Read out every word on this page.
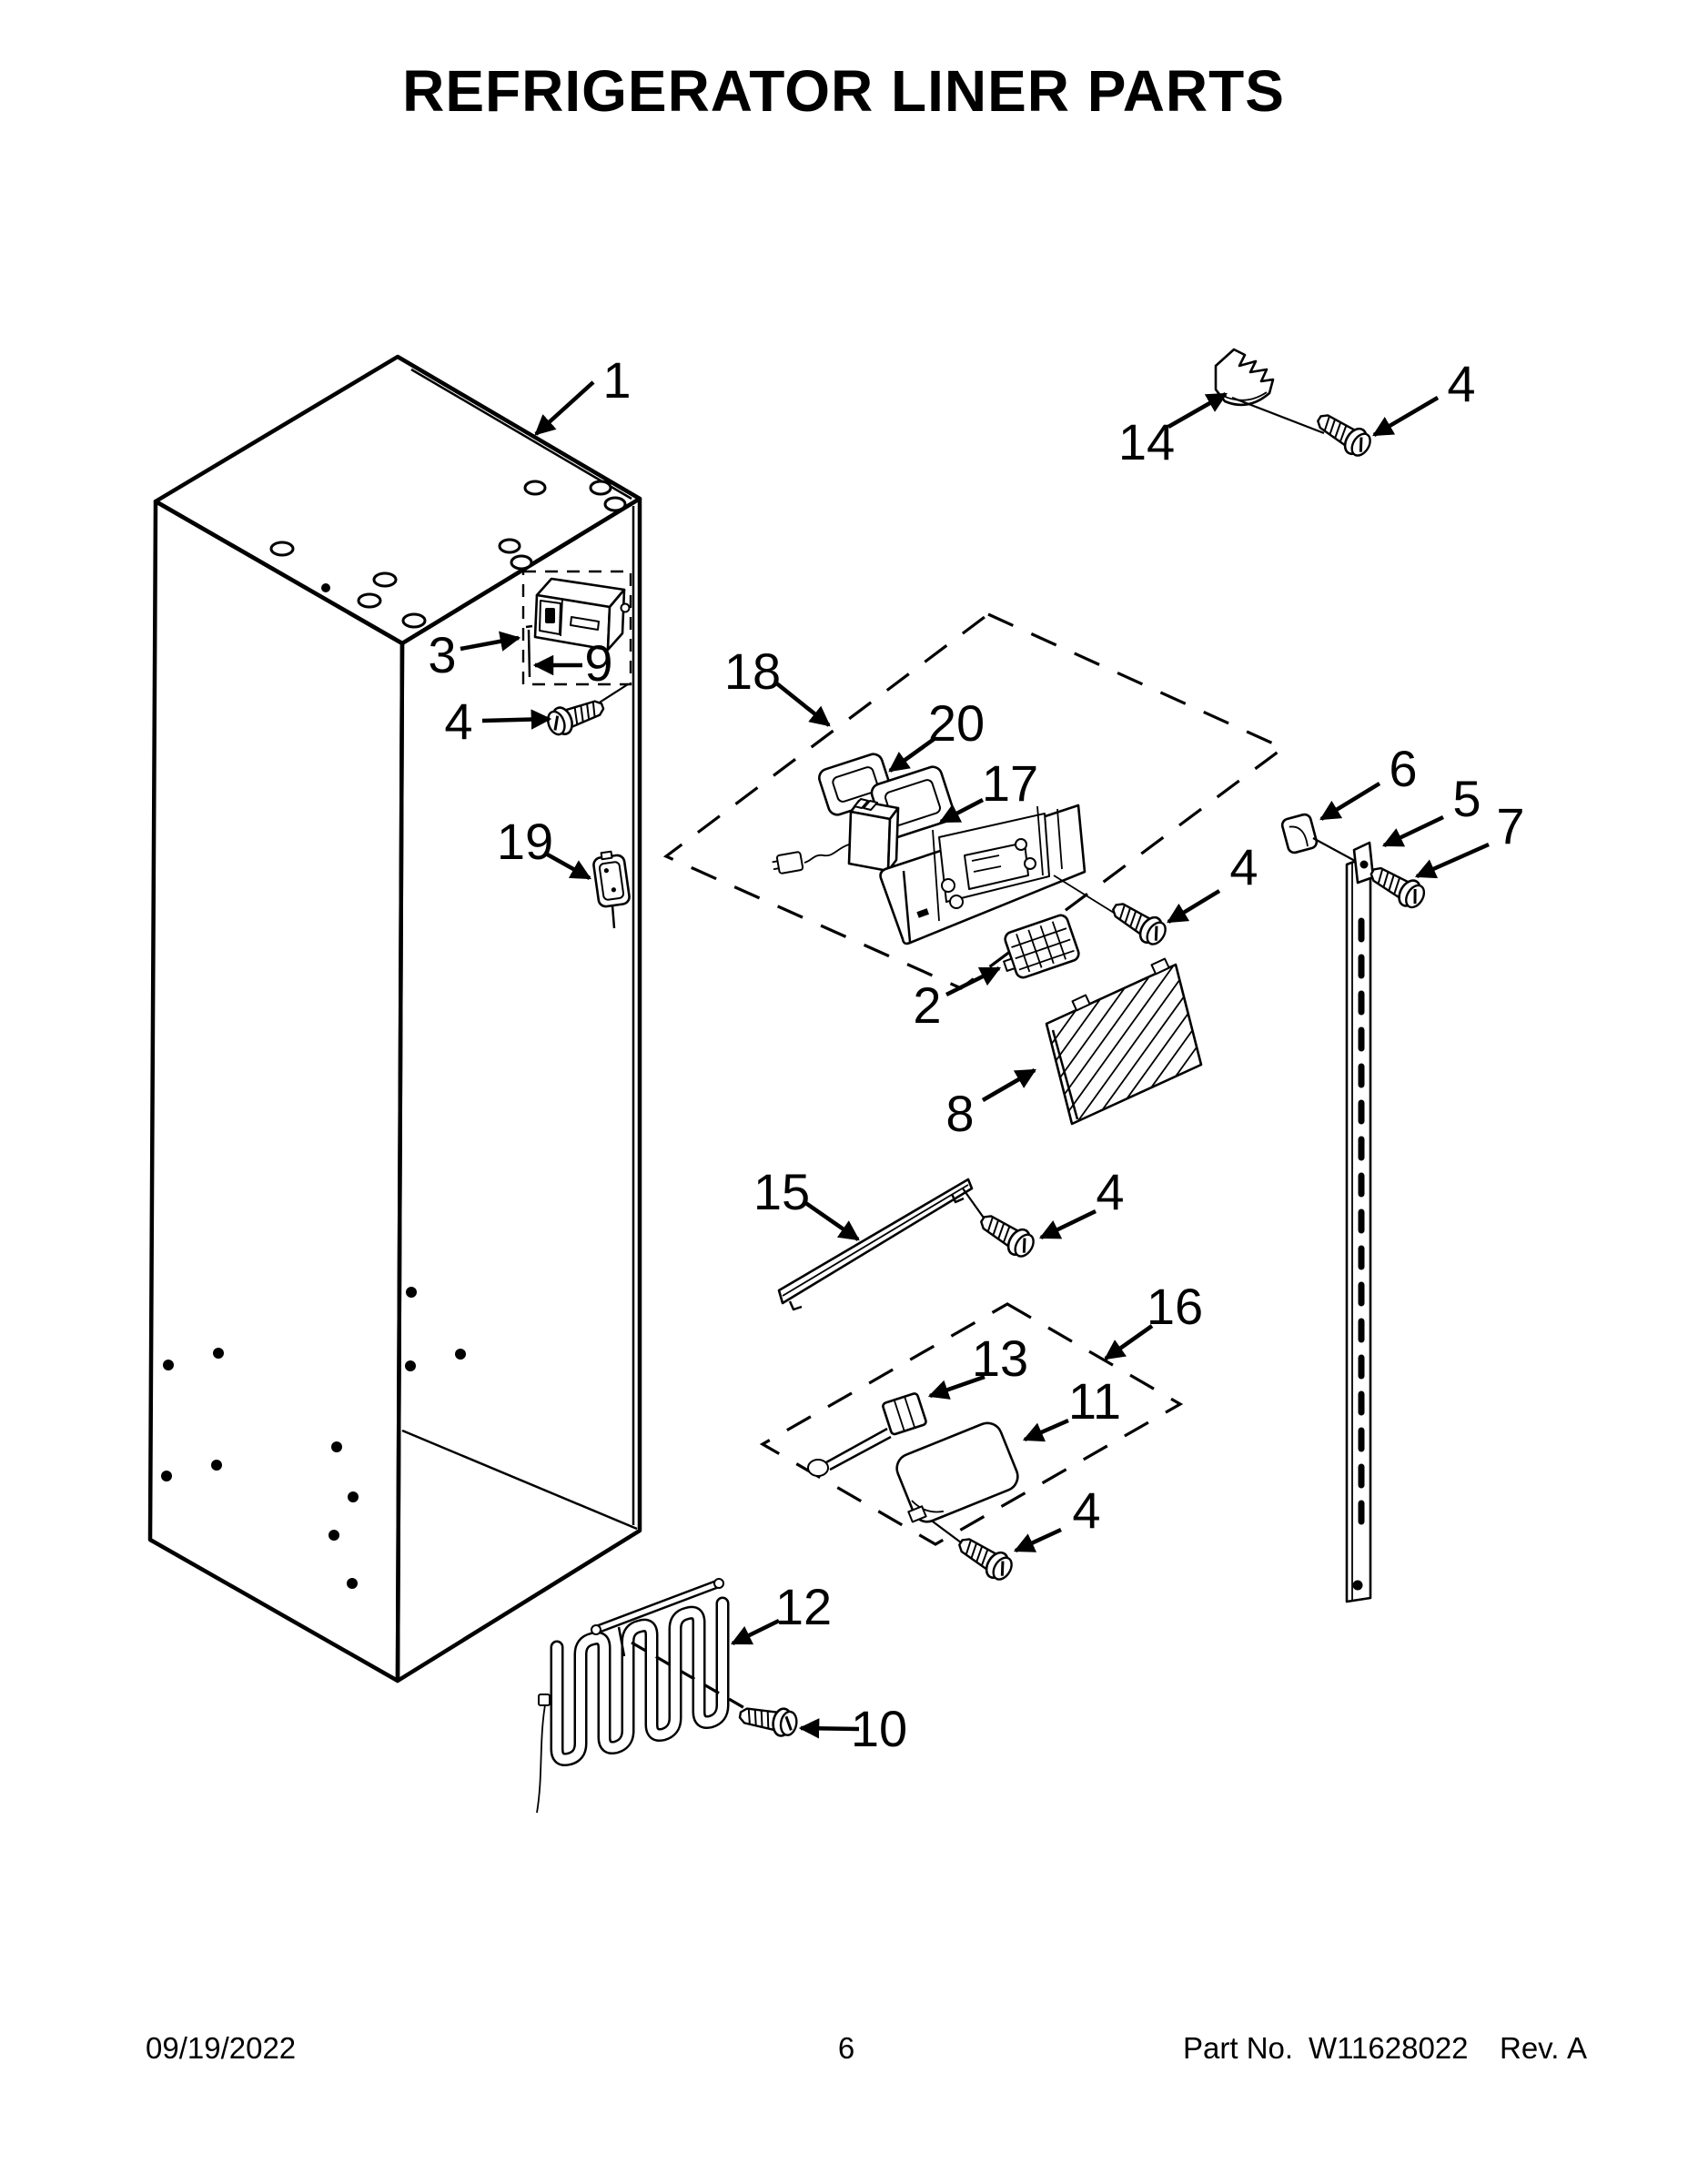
REFRIGERATOR LINER PARTS
1
3	9
4
19
14
4
18
20
17
4
2
8
15	4
16
13
11
4
12
10
6
5 7
09/19/2022	6	Part No. W11628022 Rev. A
